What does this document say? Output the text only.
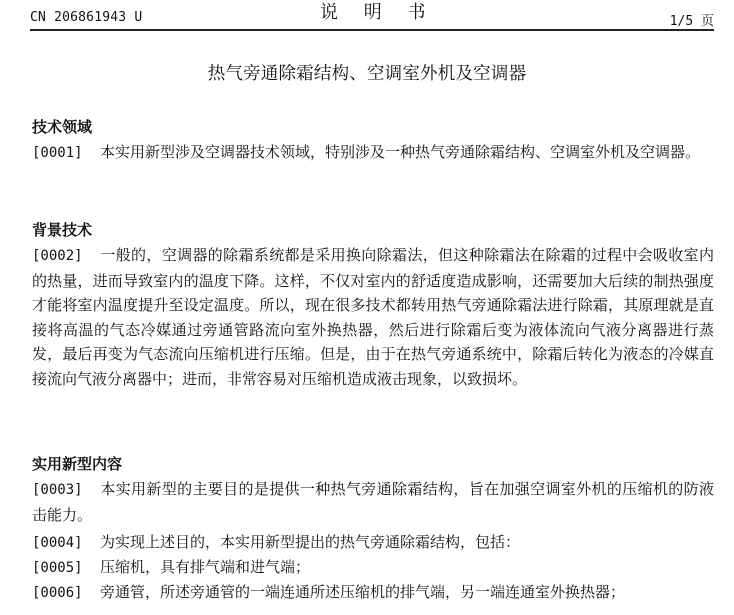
CN 206861943 U	说 明 书	1/5 页
热气旁通除霜结构、空调室外机及空调器
技术领域
[0001] 本实用新型涉及空调器技术领域，特别涉及一种热气旁通除霜结构、空调室外机及空调器。
背景技术
[0002] 一般的，空调器的除霜系统都是采用换向除霜法，但这种除霜法在除霜的过程中会吸收室内的热量，进而导致室内的温度下降。这样，不仅对室内的舒适度造成影响，还需要加大后续的制热强度才能将室内温度提升至设定温度。所以，现在很多技术都转用热气旁通除霜法进行除霜，其原理就是直接将高温的气态冷媒通过旁通管路流向室外换热器，然后进行除霜后变为液体流向气液分离器进行蒸发，最后再变为气态流向压缩机进行压缩。但是，由于在热气旁通系统中，除霜后转化为液态的冷媒直接流向气液分离器中；进而，非常容易对压缩机造成液击现象，以致损坏。
实用新型内容
[0003] 本实用新型的主要目的是提供一种热气旁通除霜结构，旨在加强空调室外机的压缩机的防液击能力。
[0004] 为实现上述目的，本实用新型提出的热气旁通除霜结构，包括：
[0005] 压缩机，具有排气端和进气端；
[0006] 旁通管，所述旁通管的一端连通所述压缩机的排气端，另一端连通室外换热器；
